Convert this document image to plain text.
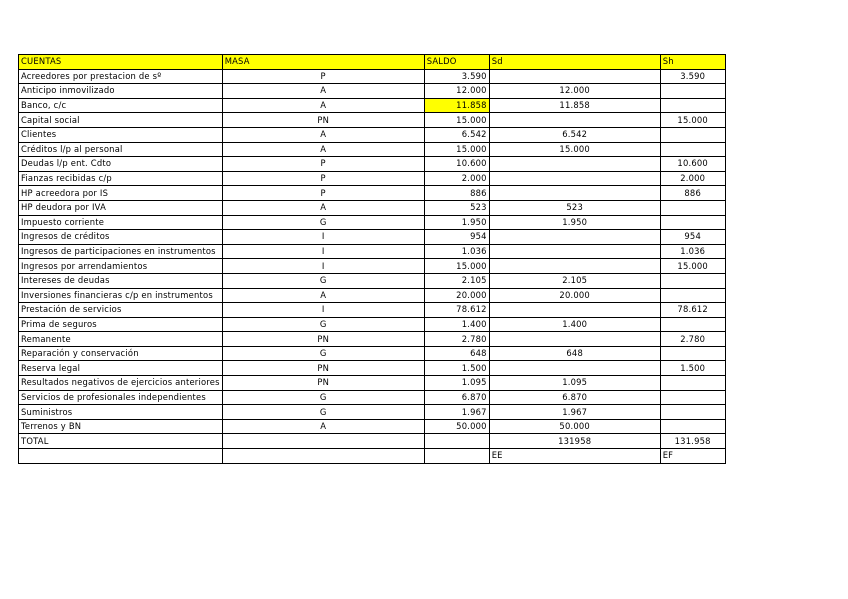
CUENTAS	MASA	SALDO	Sd	Sh
Acreedores por prestacion de sº	P	3.590		3.590
Anticipo inmovilizado	A	12.000	12.000	
Banco, c/c	A	11.858	11.858	
Capital social	PN	15.000		15.000
Clientes	A	6.542	6.542	
Créditos l/p al personal	A	15.000	15.000	
Deudas l/p ent. Cdto	P	10.600		10.600
Fianzas recibidas c/p	P	2.000		2.000
HP acreedora por IS	P	886		886
HP deudora por IVA	A	523	523	
Impuesto corriente	G	1.950	1.950	
Ingresos de créditos	I	954		954
Ingresos de participaciones en instrumentos	I	1.036		1.036
Ingresos por arrendamientos	I	15.000		15.000
Intereses de deudas	G	2.105	2.105	
Inversiones financieras c/p en instrumentos	A	20.000	20.000	
Prestación de servicios	I	78.612		78.612
Prima de seguros	G	1.400	1.400	
Remanente	PN	2.780		2.780
Reparación y conservación	G	648	648	
Reserva legal	PN	1.500		1.500
Resultados negativos de ejercicios anteriores	PN	1.095	1.095	
Servicios de profesionales independientes	G	6.870	6.870	
Suministros	G	1.967	1.967	
Terrenos y BN	A	50.000	50.000	
TOTAL			131958	131.958
			EE	EF
